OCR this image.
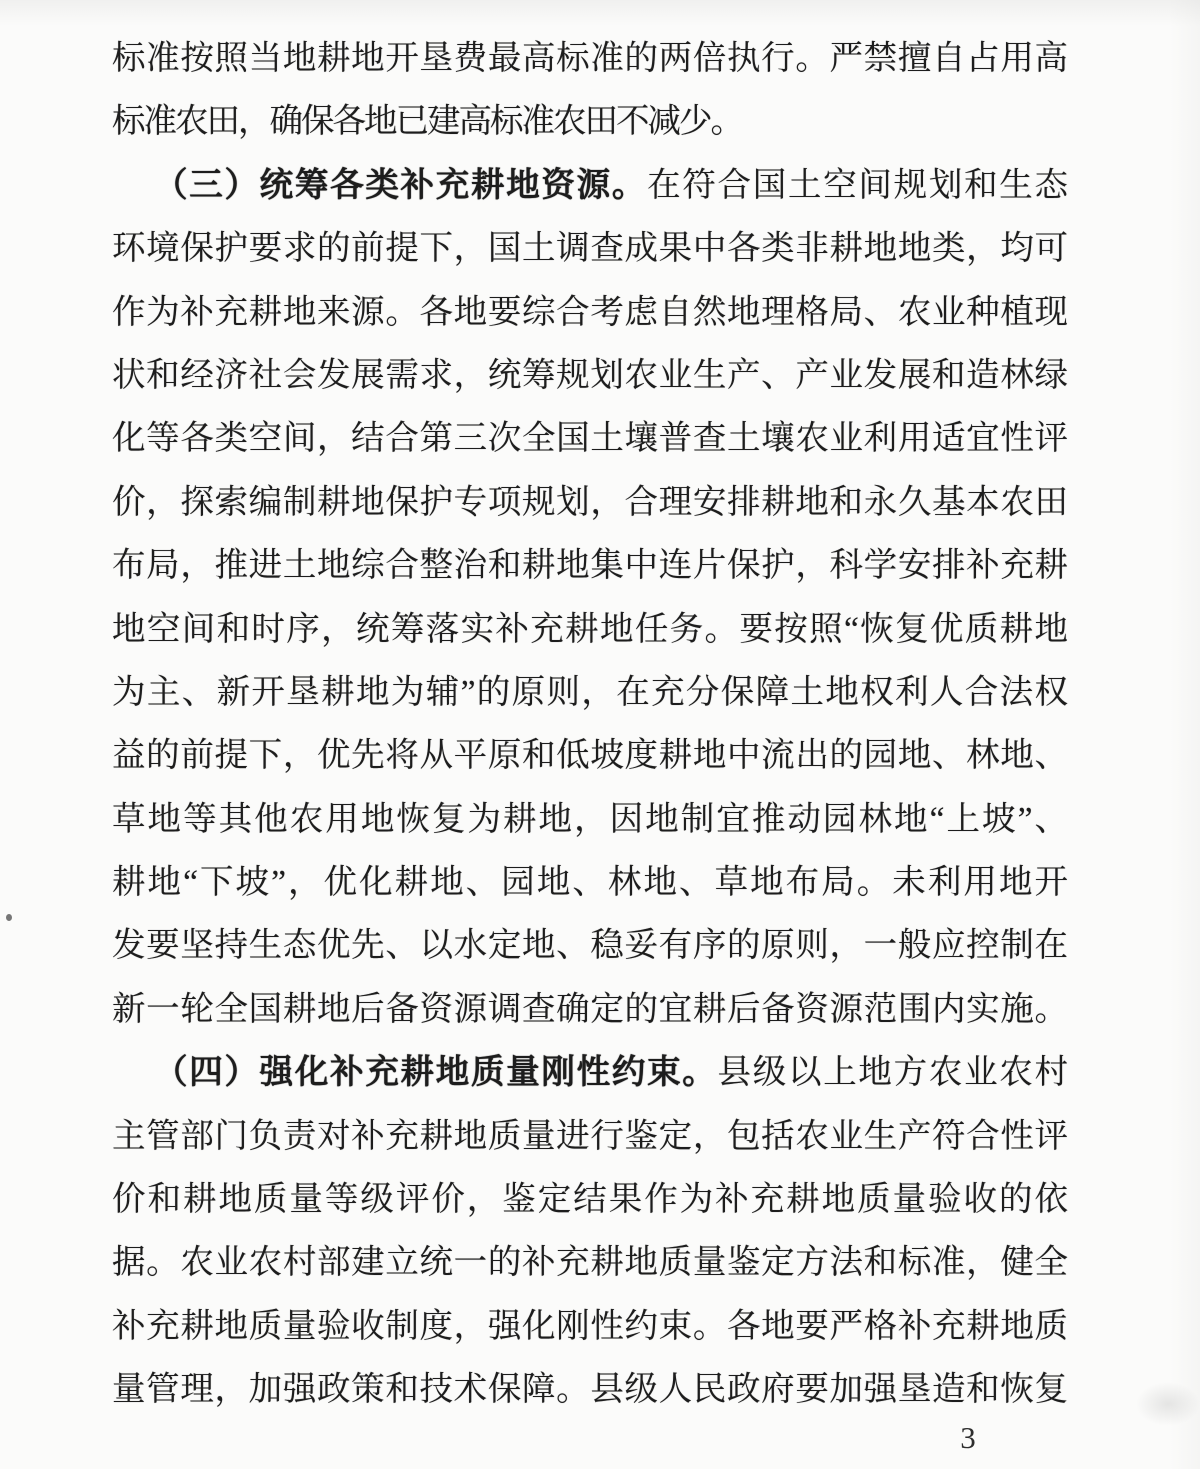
标准按照当地耕地开垦费最高标准的两倍执行。严禁擅自占用高
标准农田，确保各地已建高标准农田不减少。
（三）统筹各类补充耕地资源。在符合国土空间规划和生态
环境保护要求的前提下，国土调查成果中各类非耕地地类，均可
作为补充耕地来源。各地要综合考虑自然地理格局、农业种植现
状和经济社会发展需求，统筹规划农业生产、产业发展和造林绿
化等各类空间，结合第三次全国土壤普查土壤农业利用适宜性评
价，探索编制耕地保护专项规划，合理安排耕地和永久基本农田
布局，推进土地综合整治和耕地集中连片保护，科学安排补充耕
地空间和时序，统筹落实补充耕地任务。要按照“恢复优质耕地
为主、新开垦耕地为辅”的原则，在充分保障土地权利人合法权
益的前提下，优先将从平原和低坡度耕地中流出的园地、林地、
草地等其他农用地恢复为耕地，因地制宜推动园林地“上坡”、
耕地“下坡”，优化耕地、园地、林地、草地布局。未利用地开
发要坚持生态优先、以水定地、稳妥有序的原则，一般应控制在
新一轮全国耕地后备资源调查确定的宜耕后备资源范围内实施。
（四）强化补充耕地质量刚性约束。县级以上地方农业农村
主管部门负责对补充耕地质量进行鉴定，包括农业生产符合性评
价和耕地质量等级评价，鉴定结果作为补充耕地质量验收的依
据。农业农村部建立统一的补充耕地质量鉴定方法和标准，健全
补充耕地质量验收制度，强化刚性约束。各地要严格补充耕地质
量管理，加强政策和技术保障。县级人民政府要加强垦造和恢复
3
